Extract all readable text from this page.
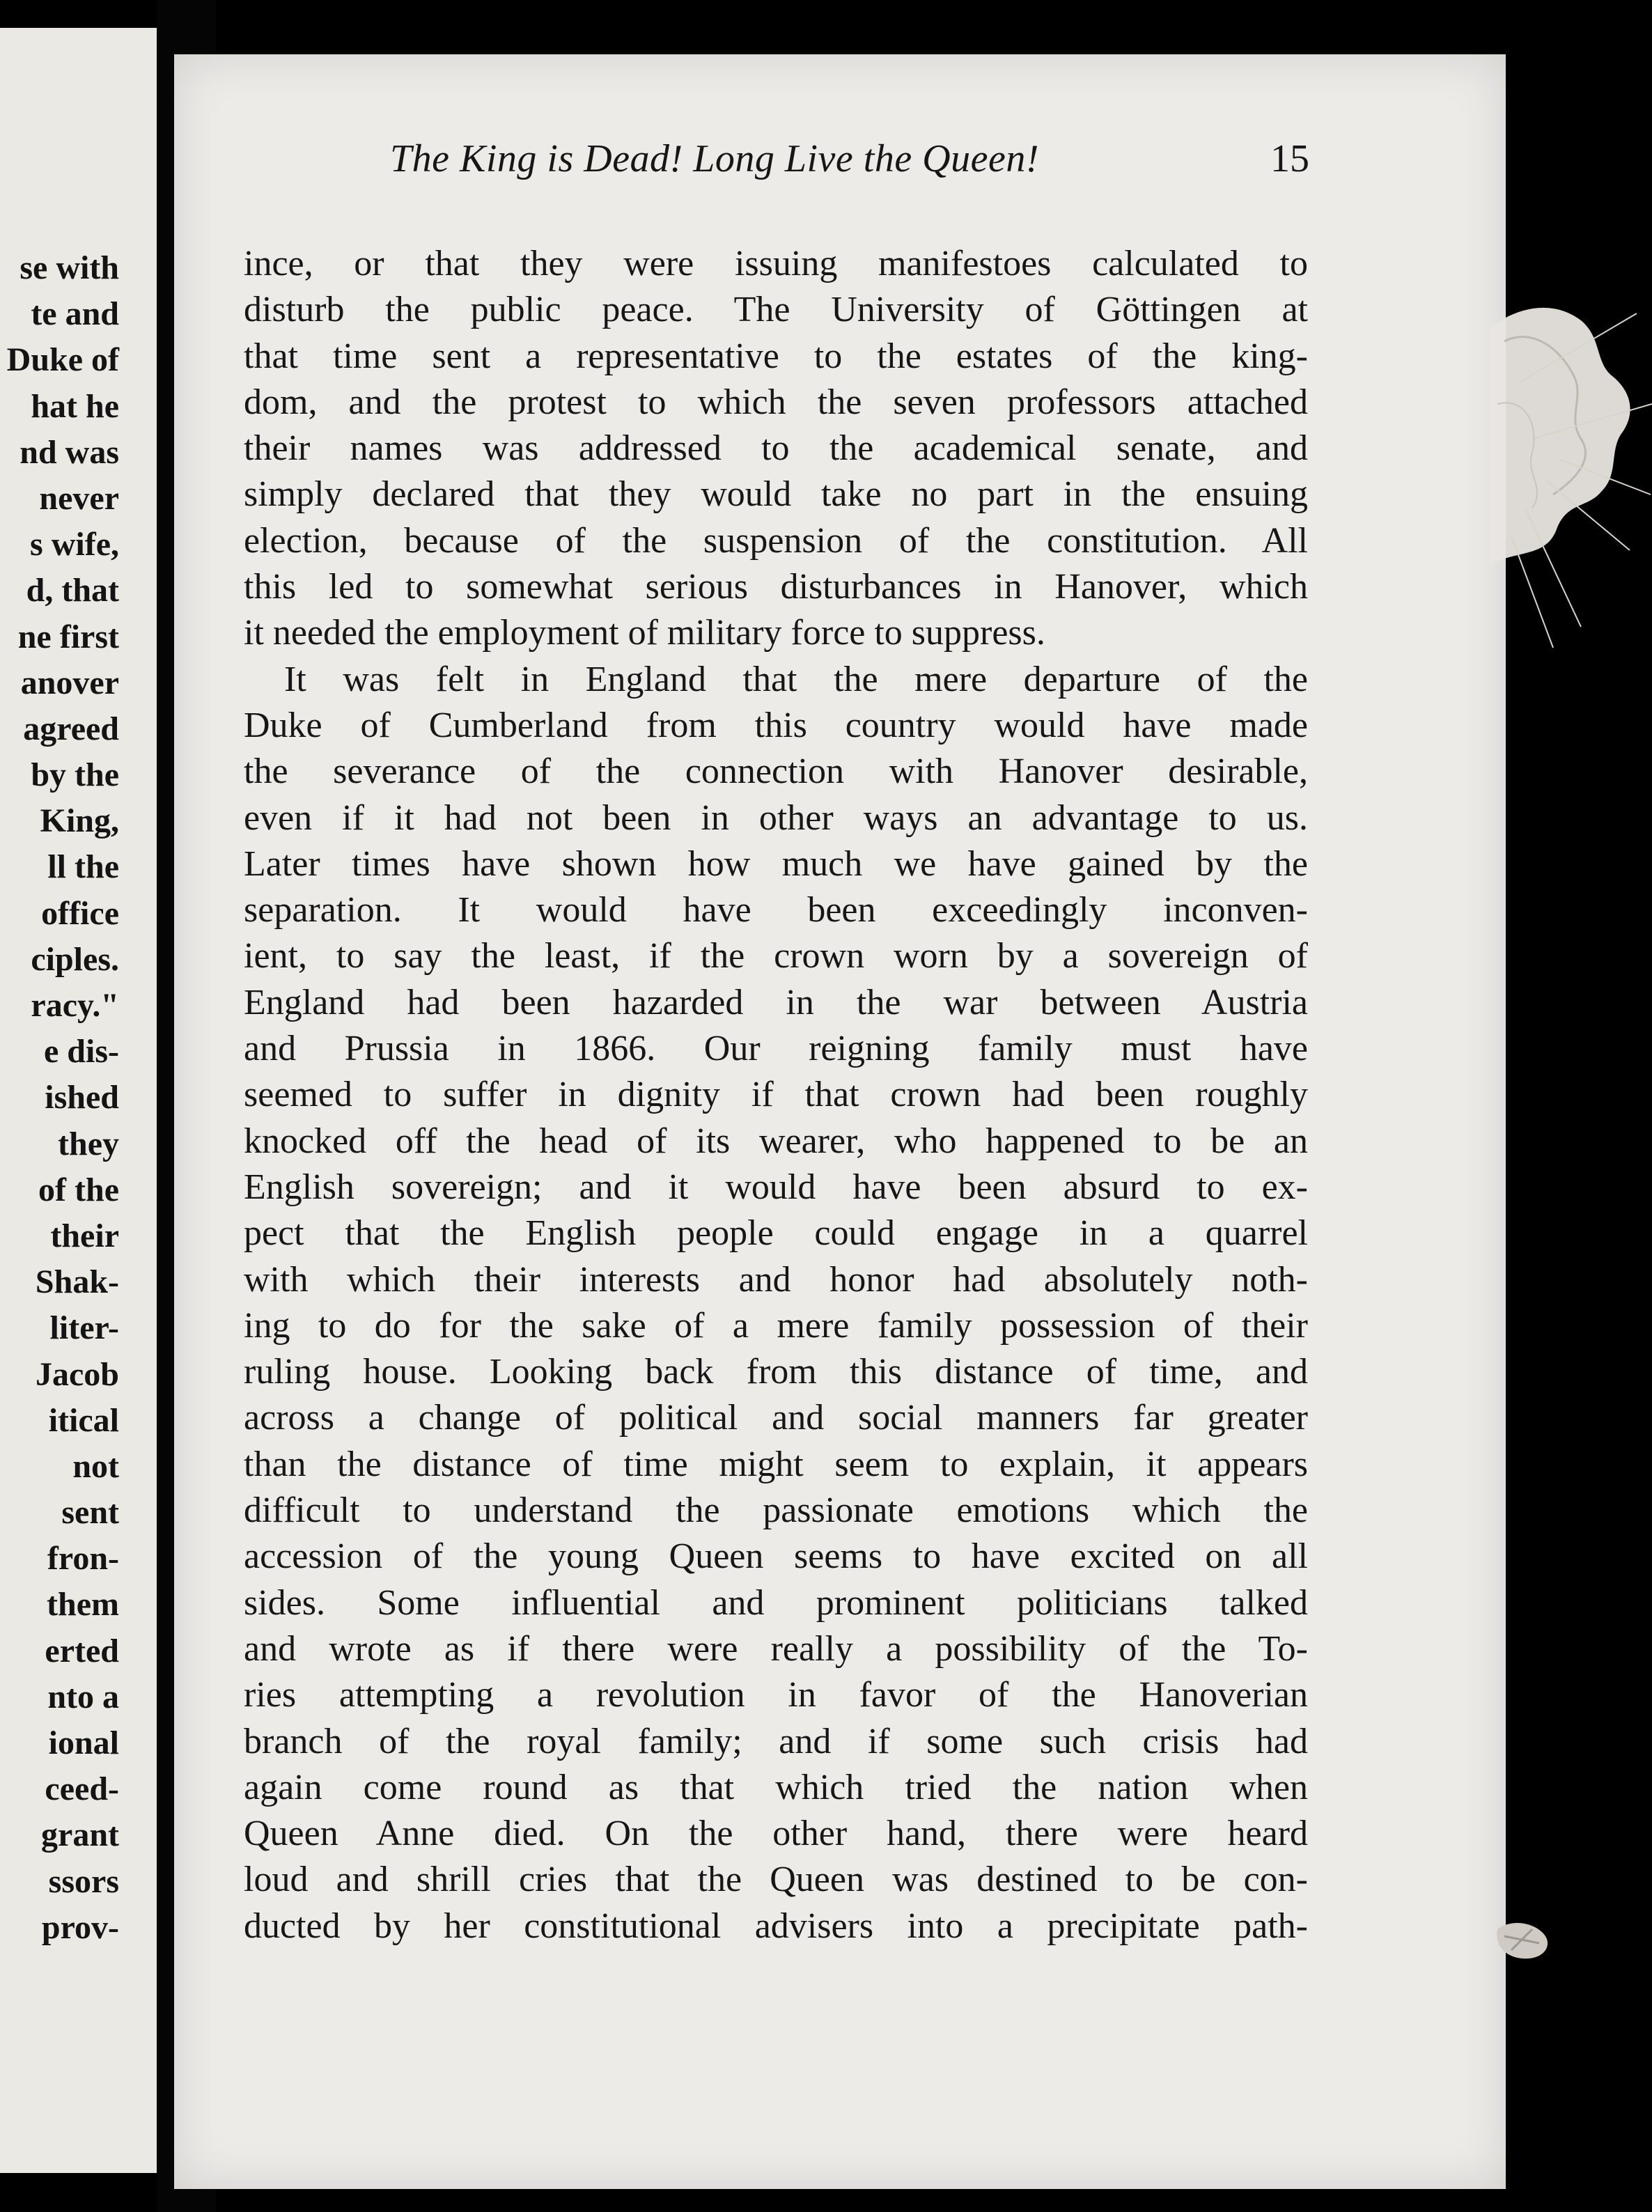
se with
te and
Duke of
hat he
nd was
never
s wife,
d, that
ne first
anover
agreed
by the
King,
ll the
office
ciples.
racy."
e dis-
ished
they
of the
their
Shak-
liter-
Jacob
itical
not
sent
fron-
them
erted
nto a
ional
ceed-
grant
ssors
prov-
The King is Dead! Long Live the Queen!	15
ince, or that they were issuing manifestoes calculated to
disturb the public peace. The University of Göttingen at
that time sent a representative to the estates of the king-
dom, and the protest to which the seven professors attached
their names was addressed to the academical senate, and
simply declared that they would take no part in the ensuing
election, because of the suspension of the constitution. All
this led to somewhat serious disturbances in Hanover, which
it needed the employment of military force to suppress.
It was felt in England that the mere departure of the
Duke of Cumberland from this country would have made
the severance of the connection with Hanover desirable,
even if it had not been in other ways an advantage to us.
Later times have shown how much we have gained by the
separation. It would have been exceedingly inconven-
ient, to say the least, if the crown worn by a sovereign of
England had been hazarded in the war between Austria
and Prussia in 1866. Our reigning family must have
seemed to suffer in dignity if that crown had been roughly
knocked off the head of its wearer, who happened to be an
English sovereign; and it would have been absurd to ex-
pect that the English people could engage in a quarrel
with which their interests and honor had absolutely noth-
ing to do for the sake of a mere family possession of their
ruling house. Looking back from this distance of time, and
across a change of political and social manners far greater
than the distance of time might seem to explain, it appears
difficult to understand the passionate emotions which the
accession of the young Queen seems to have excited on all
sides. Some influential and prominent politicians talked
and wrote as if there were really a possibility of the To-
ries attempting a revolution in favor of the Hanoverian
branch of the royal family; and if some such crisis had
again come round as that which tried the nation when
Queen Anne died. On the other hand, there were heard
loud and shrill cries that the Queen was destined to be con-
ducted by her constitutional advisers into a precipitate path-
